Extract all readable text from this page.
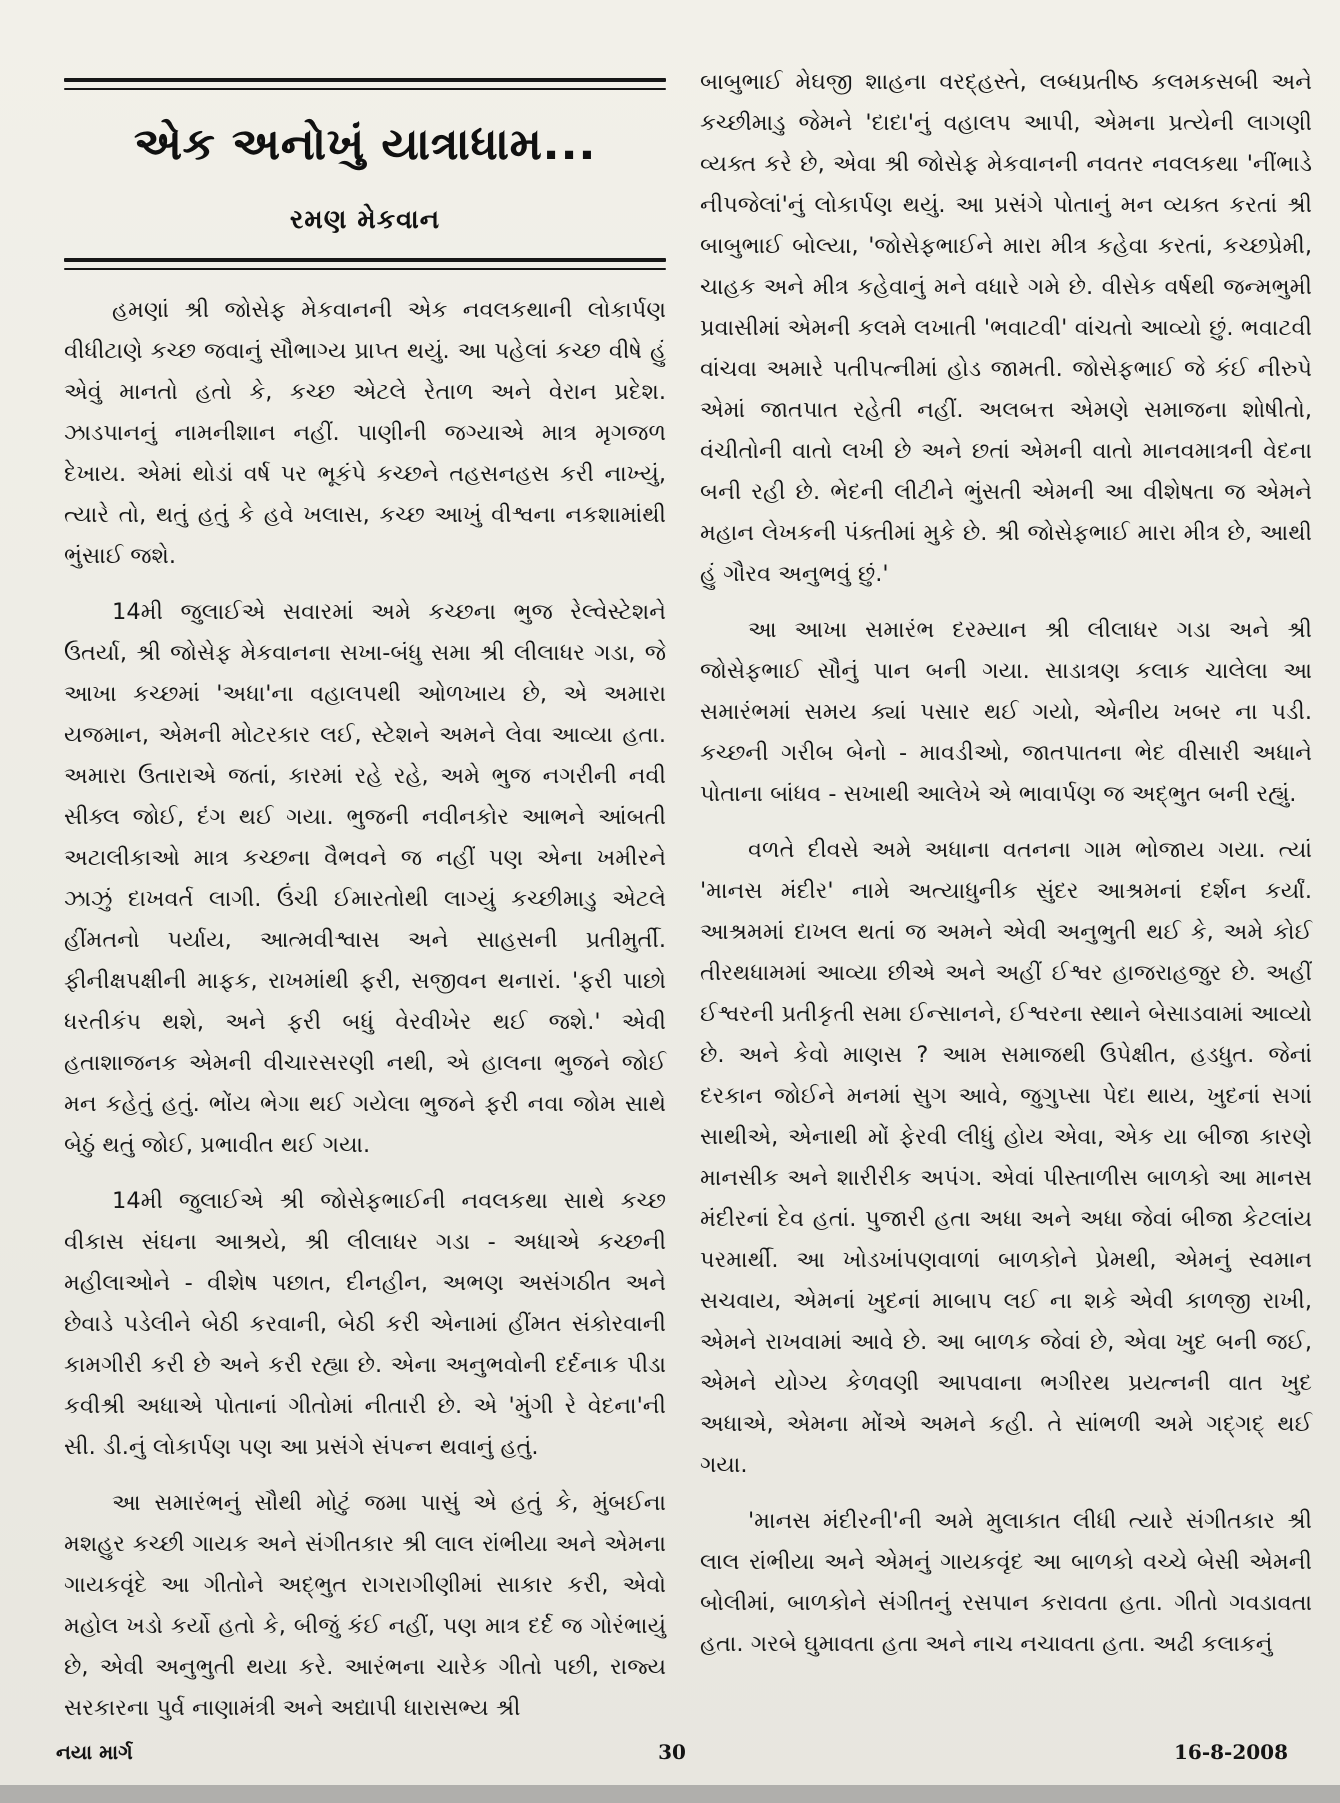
એક અનોખું યાત્રાધામ...
રમણ મેકવાન

હમણાં શ્રી જોસેફ મેકવાનની એક નવલકથાની લોકાર્પણ વીધીટાણે કચ્છ જવાનું સૌભાગ્ય પ્રાપ્ત થયું. આ પહેલાં કચ્છ વીષે હું એવું માનતો હતો કે, કચ્છ એટલે રેતાળ અને વેરાન પ્રદેશ. ઝાડપાનનું નામનીશાન નહીં. પાણીની જગ્યાએ માત્ર મૃગજળ દેખાય. એમાં થોડાં વર્ષ પર ભૂકંપે કચ્છને તહસનહસ કરી નાખ્યું, ત્યારે તો, થતું હતું કે હવે ખલાસ, કચ્છ આખું વીશ્વના નકશામાંથી ભુંસાઈ જશે.

14મી જુલાઈએ સવારમાં અમે કચ્છના ભુજ રેલ્વેસ્ટેશને ઉતર્યા, શ્રી જોસેફ મેકવાનના સખા-બંધુ સમા શ્રી લીલાધર ગડા, જે આખા કચ્છમાં 'અધા'ના વહાલપથી ઓળખાય છે, એ અમારા યજમાન, એમની મોટરકાર લઈ, સ્ટેશને અમને લેવા આવ્યા હતા. અમારા ઉતારાએ જતાં, કારમાં રહે રહે, અમે ભુજ નગરીની નવી સીક્લ જોઈ, દંગ થઈ ગયા. ભુજની નવીનકોર આભને આંબતી અટાલીકાઓ માત્ર કચ્છના વૈભવને જ નહીં પણ એના ખમીરને ઝાઝું દાખવર્ત લાગી. ઉંચી ઈમારતોથી લાગ્યું કચ્છીમાડુ એટલે હીંમતનો પર્યાય, આત્મવીશ્વાસ અને સાહસની પ્રતીમુર્તી. ફીનીક્ષપક્ષીની માફક, રાખમાંથી ફરી, સજીવન થનારાં. 'ફરી પાછો ધરતીકંપ થશે, અને ફરી બધું વેરવીખેર થઈ જશે.' એવી હતાશાજનક એમની વીચારસરણી નથી, એ હાલના ભુજને જોઈ મન કહેતું હતું. ભોંય ભેગા થઈ ગયેલા ભુજને ફરી નવા જોમ સાથે બેઠું થતું જોઈ, પ્રભાવીત થઈ ગયા.

14મી જુલાઈએ શ્રી જોસેફભાઈની નવલકથા સાથે કચ્છ વીકાસ સંઘના આશ્રયે, શ્રી લીલાધર ગડા - અધાએ કચ્છની મહીલાઓને - વીશેષ પછાત, દીનહીન, અભણ અસંગઠીત અને છેવાડે પડેલીને બેઠી કરવાની, બેઠી કરી એનામાં હીંમત સંકોરવાની કામગીરી કરી છે અને કરી રહ્યા છે. એના અનુભવોની દર્દનાક પીડા કવીશ્રી અધાએ પોતાનાં ગીતોમાં નીતારી છે. એ 'મુંગી રે વેદના'ની સી. ડી.નું લોકાર્પણ પણ આ પ્રસંગે સંપન્ન થવાનું હતું.

આ સમારંભનું સૌથી મોટું જમા પાસું એ હતું કે, મુંબઈના મશહુર કચ્છી ગાયક અને સંગીતકાર શ્રી લાલ રાંભીયા અને એમના ગાયકવૃંદે આ ગીતોને અદ્ભુત રાગરાગીણીમાં સાકાર કરી, એવો મહોલ ખડો કર્યો હતો કે, બીજું કંઈ નહીં, પણ માત્ર દર્દ જ ગોરંભાયું છે, એવી અનુભુતી થયા કરે. આરંભના ચારેક ગીતો પછી, રાજ્ય સરકારના પુર્વ નાણામંત્રી અને અદ્યાપી ધારાસભ્ય શ્રી

બાબુભાઈ મેઘજી શાહના વરદ્હસ્તે, લબ્ધપ્રતીષ્ઠ કલમકસબી અને કચ્છીમાડુ જેમને 'દાદા'નું વહાલપ આપી, એમના પ્રત્યેની લાગણી વ્યક્ત કરે છે, એવા શ્રી જોસેફ મેકવાનની નવતર નવલકથા 'નીંભાડે નીપજેલાં'નું લોકાર્પણ થયું. આ પ્રસંગે પોતાનું મન વ્યક્ત કરતાં શ્રી બાબુભાઈ બોલ્યા, 'જોસેફભાઈને મારા મીત્ર કહેવા કરતાં, કચ્છપ્રેમી, ચાહક અને મીત્ર કહેવાનું મને વધારે ગમે છે. વીસેક વર્ષથી જન્મભુમી પ્રવાસીમાં એમની કલમે લખાતી 'ભવાટવી' વાંચતો આવ્યો છું. ભવાટવી વાંચવા અમારે પતીપત્નીમાં હોડ જામતી. જોસેફભાઈ જે કંઈ નીરુપે એમાં જાતપાત રહેતી નહીં. અલબત્ત એમણે સમાજના શોષીતો, વંચીતોની વાતો લખી છે અને છતાં એમની વાતો માનવમાત્રની વેદના બની રહી છે. ભેદની લીટીને ભુંસતી એમની આ વીશેષતા જ એમને મહાન લેખકની પંક્તીમાં મુકે છે. શ્રી જોસેફભાઈ મારા મીત્ર છે, આથી હું ગૌરવ અનુભવું છું.'

આ આખા સમારંભ દરમ્યાન શ્રી લીલાધર ગડા અને શ્રી જોસેફભાઈ સૌનું પાન બની ગયા. સાડાત્રણ કલાક ચાલેલા આ સમારંભમાં સમય ક્યાં પસાર થઈ ગયો, એનીય ખબર ના પડી. કચ્છની ગરીબ બેનો - માવડીઓ, જાતપાતના ભેદ વીસારી અધાને પોતાના બાંધવ - સખાથી આલેખે એ ભાવાર્પણ જ અદ્ભુત બની રહ્યું.

વળતે દીવસે અમે અધાના વતનના ગામ ભોજાય ગયા. ત્યાં 'માનસ મંદીર' નામે અત્યાધુનીક સુંદર આશ્રમનાં દર્શન કર્યાં. આશ્રમમાં દાખલ થતાં જ અમને એવી અનુભુતી થઈ કે, અમે કોઈ તીરથધામમાં આવ્યા છીએ અને અહીં ઈશ્વર હાજરાહજુર છે. અહીં ઈશ્વરની પ્રતીકૃતી સમા ઈન્સાનને, ઈશ્વરના સ્થાને બેસાડવામાં આવ્યો છે. અને કેવો માણસ ? આમ સમાજથી ઉપેક્ષીત, હડધુત. જેનાં દરકાન જોઈને મનમાં સુગ આવે, જુગુપ્સા પેદા થાય, ખુદનાં સગાં સાથીએ, એનાથી મોં ફેરવી લીધું હોય એવા, એક યા બીજા કારણે માનસીક અને શારીરીક અપંગ. એવાં પીસ્તાળીસ બાળકો આ માનસ મંદીરનાં દેવ હતાં. પુજારી હતા અધા અને અધા જેવાં બીજા કેટલાંય પરમાર્થી. આ ખોડખાંપણવાળાં બાળકોને પ્રેમથી, એમનું સ્વમાન સચવાય, એમનાં ખુદનાં માબાપ લઈ ના શકે એવી કાળજી રાખી, એમને રાખવામાં આવે છે. આ બાળક જેવાં છે, એવા ખુદ બની જઈ, એમને યોગ્ય કેળવણી આપવાના ભગીરથ પ્રયત્નની વાત ખુદ અધાએ, એમના મોંએ અમને કહી. તે સાંભળી અમે ગદ્ગદ્ થઈ ગયા.

'માનસ મંદીરની'ની અમે મુલાકાત લીધી ત્યારે સંગીતકાર શ્રી લાલ રાંભીયા અને એમનું ગાયકવૃંદ આ બાળકો વચ્ચે બેસી એમની બોલીમાં, બાળકોને સંગીતનું રસપાન કરાવતા હતા. ગીતો ગવડાવતા હતા. ગરબે ઘુમાવતા હતા અને નાચ નચાવતા હતા. અઢી કલાકનું

નયા માર્ગ	30	16-8-2008
